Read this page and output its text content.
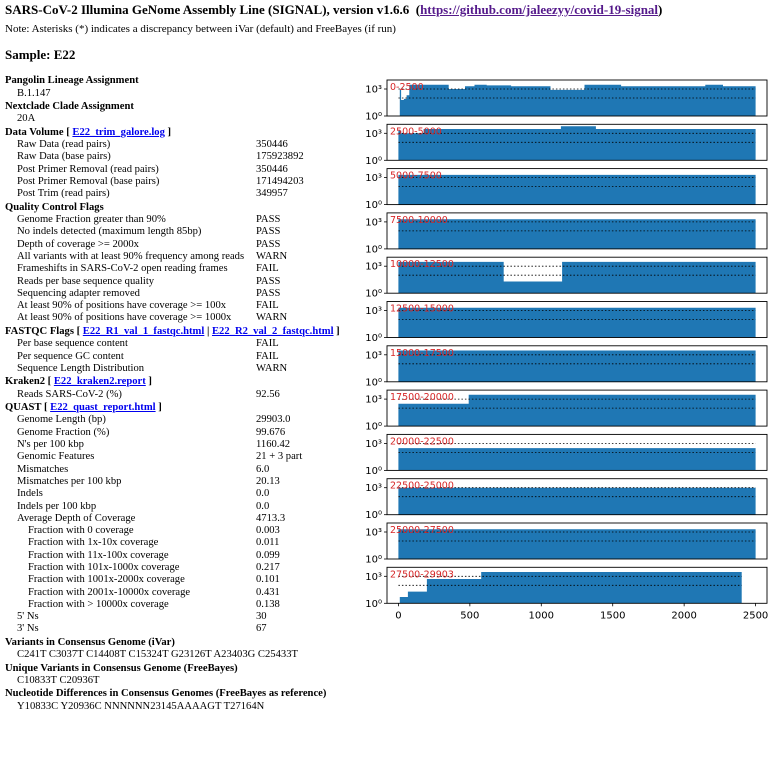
SARS-CoV-2 Illumina GeNome Assembly Line (SIGNAL), version v1.6.6  (https://github.com/jaleezyy/covid-19-signal)
Note: Asterisks (*) indicates a discrepancy between iVar (default) and FreeBayes (if run)
Sample: E22
Pangolin Lineage Assignment
B.1.147
Nextclade Clade Assignment
20A
Data Volume [ E22_trim_galore.log ]
Raw Data (read pairs)	350446
Raw Data (base pairs)	175923892
Post Primer Removal (read pairs)	350446
Post Primer Removal (base pairs)	171494203
Post Trim (read pairs)	349957
Quality Control Flags
Genome Fraction greater than 90%	PASS
No indels detected (maximum length 85bp)	PASS
Depth of coverage >= 2000x	PASS
All variants with at least 90% frequency among reads WARN
Frameshifts in SARS-CoV-2 open reading frames	FAIL
Reads per base sequence quality	PASS
Sequencing adapter removed	PASS
At least 90% of positions have coverage >= 100x	FAIL
At least 90% of positions have coverage >= 1000x WARN
FASTQC Flags [ E22_R1_val_1_fastqc.html | E22_R2_val_2_fastqc.html ]
Per base sequence content	FAIL
Per sequence GC content	FAIL
Sequence Length Distribution	WARN
Kraken2 [ E22_kraken2.report ]
Reads SARS-CoV-2 (%)	92.56
QUAST [ E22_quast_report.html ]
Genome Length (bp)	29903.0
Genome Fraction (%)	99.676
N's per 100 kbp	1160.42
Genomic Features	21 + 3 part
Mismatches	6.0
Mismatches per 100 kbp	20.13
Indels	0.0
Indels per 100 kbp	0.0
Average Depth of Coverage	4713.3
Fraction with 0 coverage	0.003
Fraction with 1x-10x coverage	0.011
Fraction with 11x-100x coverage	0.099
Fraction with 101x-1000x coverage	0.217
Fraction with 1001x-2000x coverage	0.101
Fraction with 2001x-10000x coverage	0.431
Fraction with > 10000x coverage	0.138
5' Ns	30
3' Ns	67
Variants in Consensus Genome (iVar)
C241T C3037T C14408T C15324T G23126T A23403G C25433T
Unique Variants in Consensus Genome (FreeBayes)
C10833T C20936T
Nucleotide Differences in Consensus Genomes (FreeBayes as reference)
Y10833C Y20936C NNNNNN23145AAAAGT T27164N
0-2500
10⁰
10³
2500-5000
10⁰
10³
5000-7500
10⁰
10³
7500-10000
10⁰
10³
10000-12500
10⁰
10³
12500-15000
10⁰
10³
15000-17500
10⁰
10³
17500-20000
10⁰
10³
20000-22500
10⁰
10³
22500-25000
10⁰
10³
25000-27500
10⁰
10³
27500-29903
10⁰
10³
0	500	1000	1500	2000	2500
